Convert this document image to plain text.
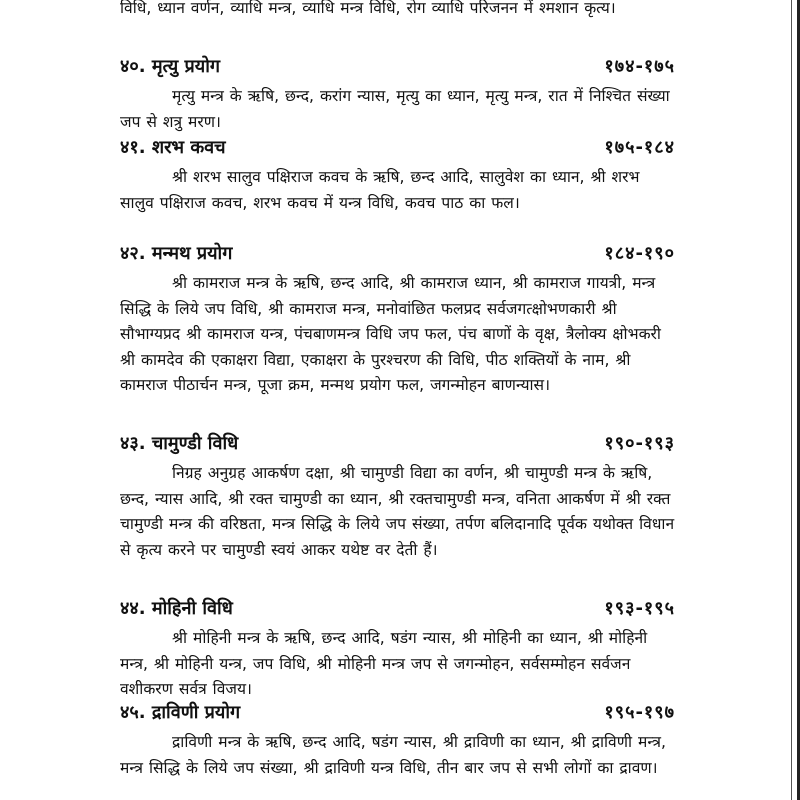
विधि, ध्यान वर्णन, व्याधि मन्त्र, व्याधि मन्त्र विधि, रोग व्याधि परिजनन में श्मशान कृत्य।

४०. मृत्यु प्रयोग	१७४-१७५

मृत्यु मन्त्र के ऋषि, छन्द, करांग न्यास, मृत्यु का ध्यान, मृत्यु मन्त्र, रात में निश्चित संख्या जप से शत्रु मरण।

४१. शरभ कवच	१७५-१८४

श्री शरभ सालुव पक्षिराज कवच के ऋषि, छन्द आदि, सालुवेश का ध्यान, श्री शरभ सालुव पक्षिराज कवच, शरभ कवच में यन्त्र विधि, कवच पाठ का फल।

४२. मन्मथ प्रयोग	१८४-१९०

श्री कामराज मन्त्र के ऋषि, छन्द आदि, श्री कामराज ध्यान, श्री कामराज गायत्री, मन्त्र सिद्धि के लिये जप विधि, श्री कामराज मन्त्र, मनोवांछित फलप्रद सर्वजगत्क्षोभणकारी श्री सौभाग्यप्रद श्री कामराज यन्त्र, पंचबाणमन्त्र विधि जप फल, पंच बाणों के वृक्ष, त्रैलोक्य क्षोभकरी श्री कामदेव की एकाक्षरा विद्या, एकाक्षरा के पुरश्चरण की विधि, पीठ शक्तियों के नाम, श्री कामराज पीठार्चन मन्त्र, पूजा क्रम, मन्मथ प्रयोग फल, जगन्मोहन बाणन्यास।

४३. चामुण्डी विधि	१९०-१९३

निग्रह अनुग्रह आकर्षण दक्षा, श्री चामुण्डी विद्या का वर्णन, श्री चामुण्डी मन्त्र के ऋषि, छन्द, न्यास आदि, श्री रक्त चामुण्डी का ध्यान, श्री रक्तचामुण्डी मन्त्र, वनिता आकर्षण में श्री रक्त चामुण्डी मन्त्र की वरिष्ठता, मन्त्र सिद्धि के लिये जप संख्या, तर्पण बलिदानादि पूर्वक यथोक्त विधान से कृत्य करने पर चामुण्डी स्वयं आकर यथेष्ट वर देती हैं।

४४. मोहिनी विधि	१९३-१९५

श्री मोहिनी मन्त्र के ऋषि, छन्द आदि, षडंग न्यास, श्री मोहिनी का ध्यान, श्री मोहिनी मन्त्र, श्री मोहिनी यन्त्र, जप विधि, श्री मोहिनी मन्त्र जप से जगन्मोहन, सर्वसम्मोहन सर्वजन वशीकरण सर्वत्र विजय।

४५. द्राविणी प्रयोग	१९५-१९७

द्राविणी मन्त्र के ऋषि, छन्द आदि, षडंग न्यास, श्री द्राविणी का ध्यान, श्री द्राविणी मन्त्र, मन्त्र सिद्धि के लिये जप संख्या, श्री द्राविणी यन्त्र विधि, तीन बार जप से सभी लोगों का द्रावण।
